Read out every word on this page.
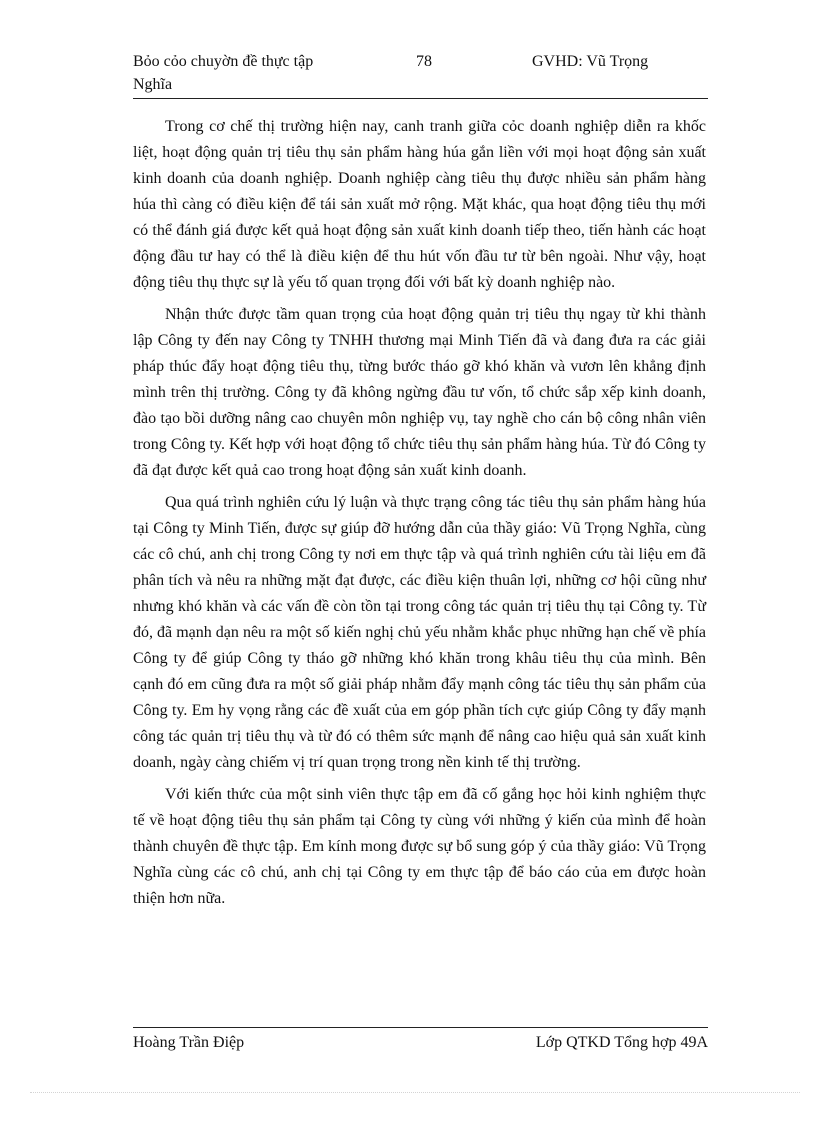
Bỏo cỏo chuyờn đề thực tập Nghĩa
78	GVHD: Vũ Trọng

Trong cơ chế thị trường hiện nay, canh tranh giữa cỏc doanh nghiệp diễn ra khốc liệt, hoạt động quản trị tiêu thụ sản phẩm hàng húa gắn liền với mọi hoạt động sản xuất kinh doanh của doanh nghiệp. Doanh nghiệp càng tiêu thụ được nhiều sản phẩm hàng húa thì càng có điều kiện để tái sản xuất mở rộng. Mặt khác, qua hoạt động tiêu thụ mới có thể đánh giá được kết quả hoạt động sản xuất kinh doanh tiếp theo, tiến hành các hoạt động đầu tư hay có thể là điều kiện để thu hút vốn đầu tư từ bên ngoài. Như vậy, hoạt động tiêu thụ thực sự là yếu tố quan trọng đối với bất kỳ doanh nghiệp nào.

Nhận thức được tầm quan trọng của hoạt động quản trị tiêu thụ ngay từ khi thành lập Công ty đến nay Công ty TNHH thương mại Minh Tiến đã và đang đưa ra các giải pháp thúc đẩy hoạt động tiêu thụ, từng bước tháo gỡ khó khăn và vươn lên khẳng định mình trên thị trường. Công ty đã không ngừng đầu tư vốn, tổ chức sắp xếp kinh doanh, đào tạo bồi dưỡng nâng cao chuyên môn nghiệp vụ, tay nghề cho cán bộ công nhân viên trong Công ty. Kết hợp với hoạt động tổ chức tiêu thụ sản phẩm hàng húa. Từ đó Công ty đã đạt được kết quả cao trong hoạt động sản xuất kinh doanh.

Qua quá trình nghiên cứu lý luận và thực trạng công tác tiêu thụ sản phẩm hàng húa tại Công ty Minh Tiến, được sự giúp đỡ hướng dẫn của thầy giáo: Vũ Trọng Nghĩa, cùng các cô chú, anh chị trong Công ty nơi em thực tập và quá trình nghiên cứu tài liệu em đã phân tích và nêu ra những mặt đạt được, các điều kiện thuân lợi, những cơ hội cũng như nhưng khó khăn và các vấn đề còn tồn tại trong công tác quản trị tiêu thụ tại Công ty. Từ đó, đã mạnh dạn nêu ra một số kiến nghị chủ yếu nhằm khắc phục những hạn chế về phía Công ty để giúp Công ty tháo gỡ những khó khăn trong khâu tiêu thụ của mình. Bên cạnh đó em cũng đưa ra một số giải pháp nhằm đẩy mạnh công tác tiêu thụ sản phẩm của Công ty. Em hy vọng rằng các đề xuất của em góp phần tích cực giúp Công ty đẩy mạnh công tác quản trị tiêu thụ và từ đó có thêm sức mạnh để nâng cao hiệu quả sản xuất kinh doanh, ngày càng chiếm vị trí quan trọng trong nền kinh tế thị trường.

Với kiến thức của một sinh viên thực tập em đã cố gắng học hỏi kinh nghiệm thực tế về hoạt động tiêu thụ sản phẩm tại Công ty cùng với những ý kiến của mình để hoàn thành chuyên đề thực tập. Em kính mong được sự bổ sung góp ý của thầy giáo: Vũ Trọng Nghĩa cùng các cô chú, anh chị tại Công ty em thực tập để báo cáo của em được hoàn thiện hơn nữa.

Hoàng Trần Điệp	Lớp QTKD Tổng hợp 49A
